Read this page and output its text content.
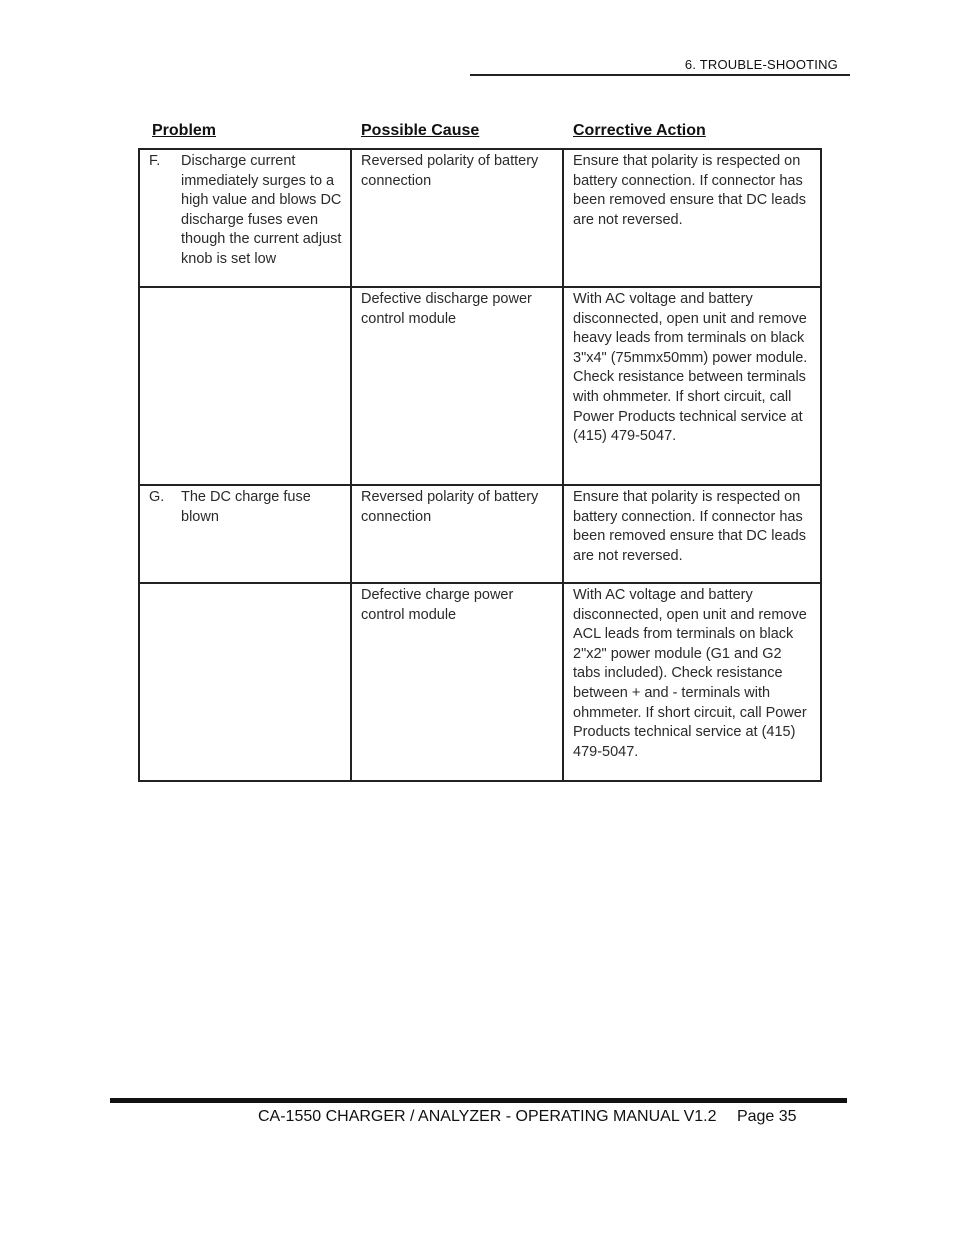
6. TROUBLE-SHOOTING
Problem	Possible Cause	Corrective Action
F. Discharge current immediately surges to a high value and blows DC discharge fuses even though the current adjust knob is set low	Reversed polarity of battery connection	Ensure that polarity is respected on battery connection. If connector has been removed ensure that DC leads are not reversed.

	Defective discharge power control module	With AC voltage and battery disconnected, open unit and remove heavy leads from terminals on black 3"x4" (75mmx50mm) power module. Check resistance between terminals with ohmmeter. If short circuit, call Power Products technical service at (415) 479-5047.

G. The DC charge fuse blown	Reversed polarity of battery connection	Ensure that polarity is respected on battery connection. If connector has been removed ensure that DC leads are not reversed.

	Defective charge power control module	With AC voltage and battery disconnected, open unit and remove ACL leads from terminals on black 2"x2" power module (G1 and G2 tabs included). Check resistance between + and - terminals with ohmmeter. If short circuit, call Power Products technical service at (415) 479-5047.
CA-1550 CHARGER / ANALYZER - OPERATING MANUAL V1.2 Page 35
